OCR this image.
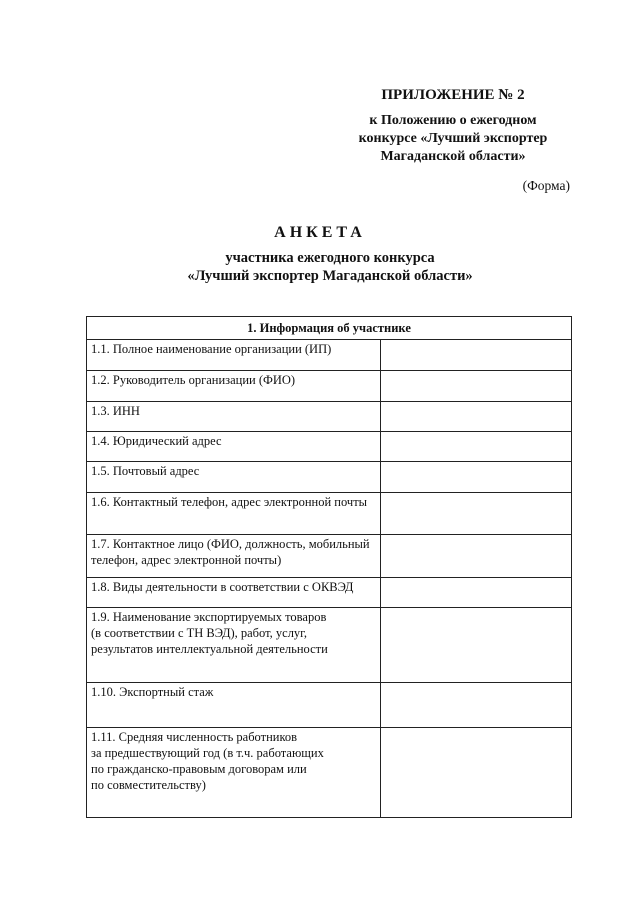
ПРИЛОЖЕНИЕ № 2
к Положению о ежегодном
конкурсе «Лучший экспортер
Магаданской области»
(Форма)
АНКЕТА
участника ежегодного конкурса
«Лучший экспортер Магаданской области»
1. Информация об участнике	
1.1. Полное наименование организации (ИП)	
1.2. Руководитель организации (ФИО)	
1.3. ИНН	
1.4. Юридический адрес	
1.5. Почтовый адрес	
1.6. Контактный телефон, адрес электронной почты	
1.7. Контактное лицо (ФИО, должность, мобильный телефон, адрес электронной почты)	
1.8. Виды деятельности в соответствии с ОКВЭД	
1.9. Наименование экспортируемых товаров
(в соответствии с ТН ВЭД), работ, услуг,
результатов интеллектуальной деятельности	
1.10. Экспортный стаж	
1.11. Средняя численность работников
за предшествующий год (в т.ч. работающих
по гражданско-правовым договорам или
по совместительству)	
